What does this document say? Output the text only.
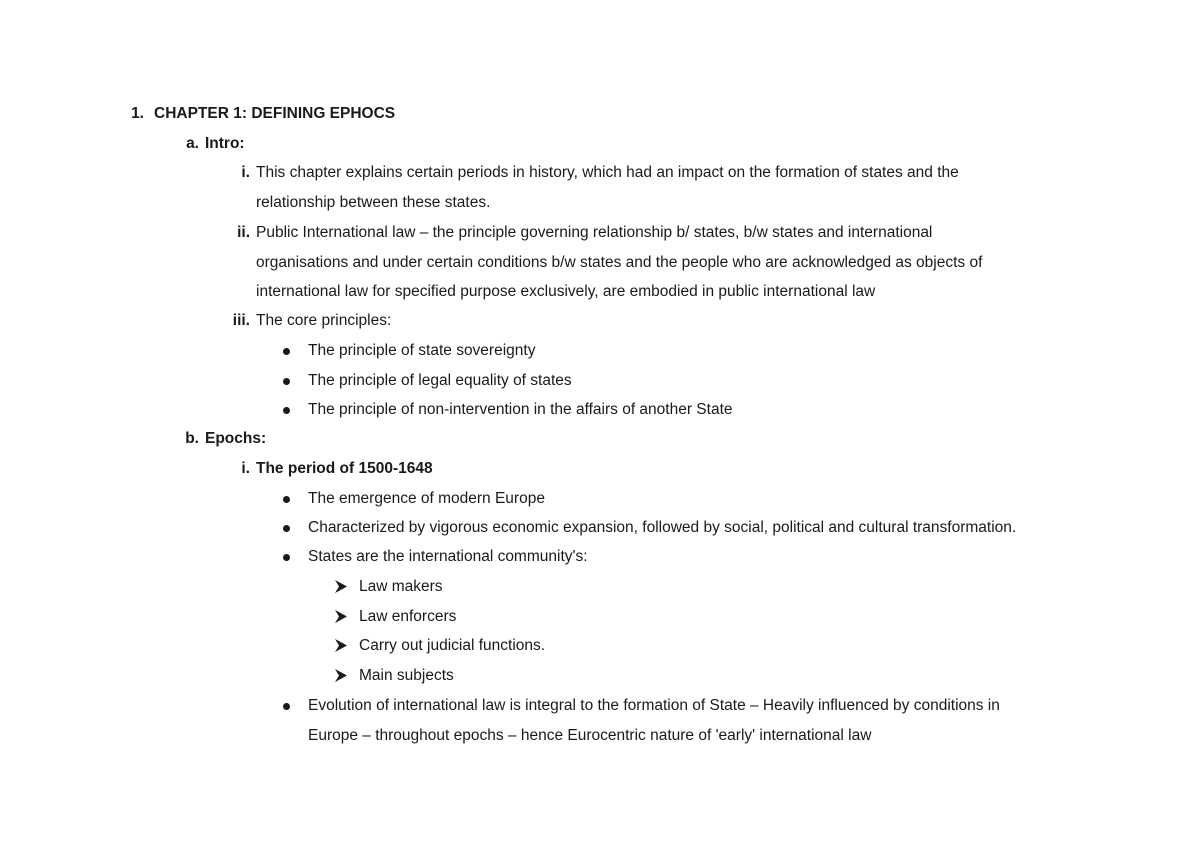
1. CHAPTER 1: DEFINING EPHOCS
a. Intro:
i. This chapter explains certain periods in history, which had an impact on the formation of states and the
relationship between these states.
ii. Public International law – the principle governing relationship b/ states, b/w states and international
organisations and under certain conditions b/w states and the people who are acknowledged as objects of
international law for specified purpose exclusively, are embodied in public international law
iii. The core principles:
The principle of state sovereignty
The principle of legal equality of states
The principle of non-intervention in the affairs of another State
b. Epochs:
i. The period of 1500-1648
The emergence of modern Europe
Characterized by vigorous economic expansion, followed by social, political and cultural transformation.
States are the international community's:
Law makers
Law enforcers
Carry out judicial functions.
Main subjects
Evolution of international law is integral to the formation of State – Heavily influenced by conditions in
Europe – throughout epochs – hence Eurocentric nature of 'early' international law
